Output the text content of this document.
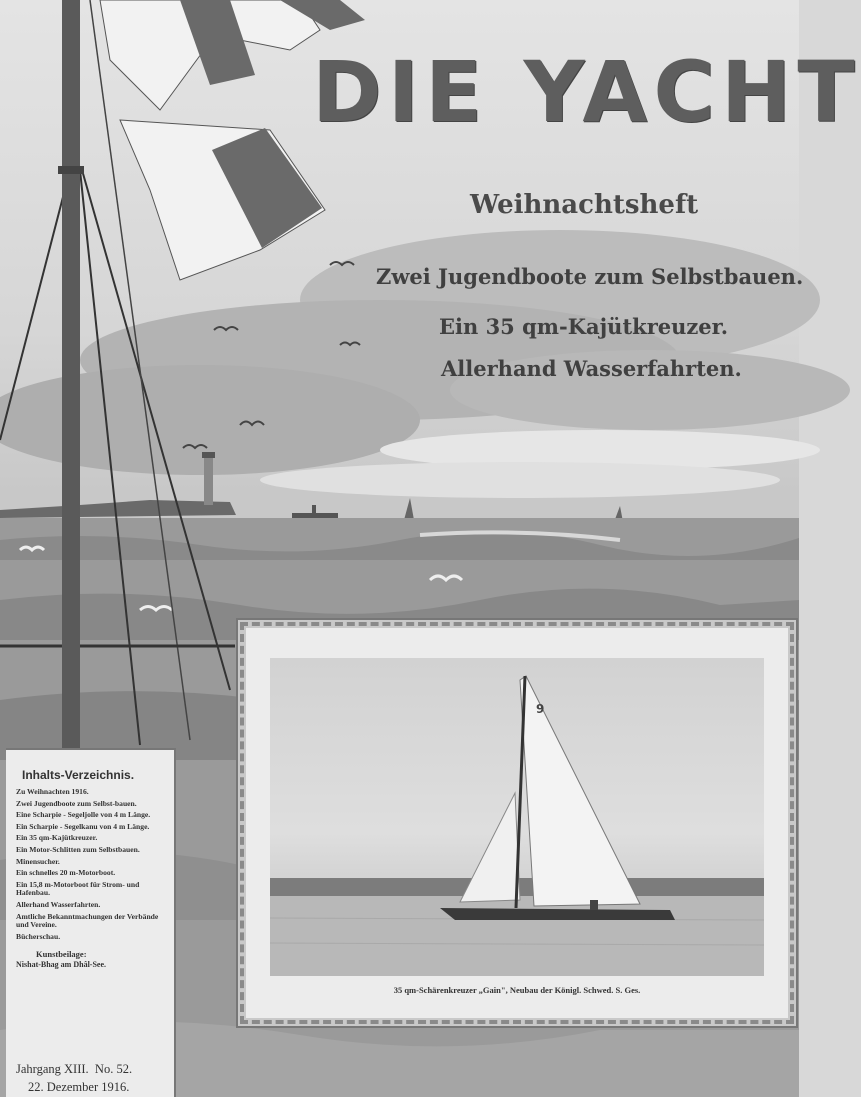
DIE YACHT
Weihnachtsheft
Zwei Jugendboote zum Selbstbauen.
Ein 35 qm-Kajütkreuzer.
Allerhand Wasserfahrten.
Inhalts-Verzeichnis.
Zu Weihnachten 1916.
Zwei Jugendboote zum Selbst-bauen.
Eine Scharpie - Segeljolle von 4 m Länge.
Ein Scharpie - Segelkanu von 4 m Länge.
Ein 35 qm-Kajütkreuzer.
Ein Motor-Schlitten zum Selbstbauen.
Minensucher.
Ein schnelles 20 m-Motorboot.
Ein 15,8 m-Motorboot für Strom- und Hafenbau.
Allerhand Wasserfahrten.
Amtliche Bekanntmachungen der Verbände und Vereine.
Bücherschau.
Kunstbeilage:
Nishat-Bhag am Dhâl-See.
Jahrgang XIII. No. 52.
22. Dezember 1916.
9
35 qm-Schärenkreuzer „Gain", Neubau der Königl. Schwed. S. Ges.
